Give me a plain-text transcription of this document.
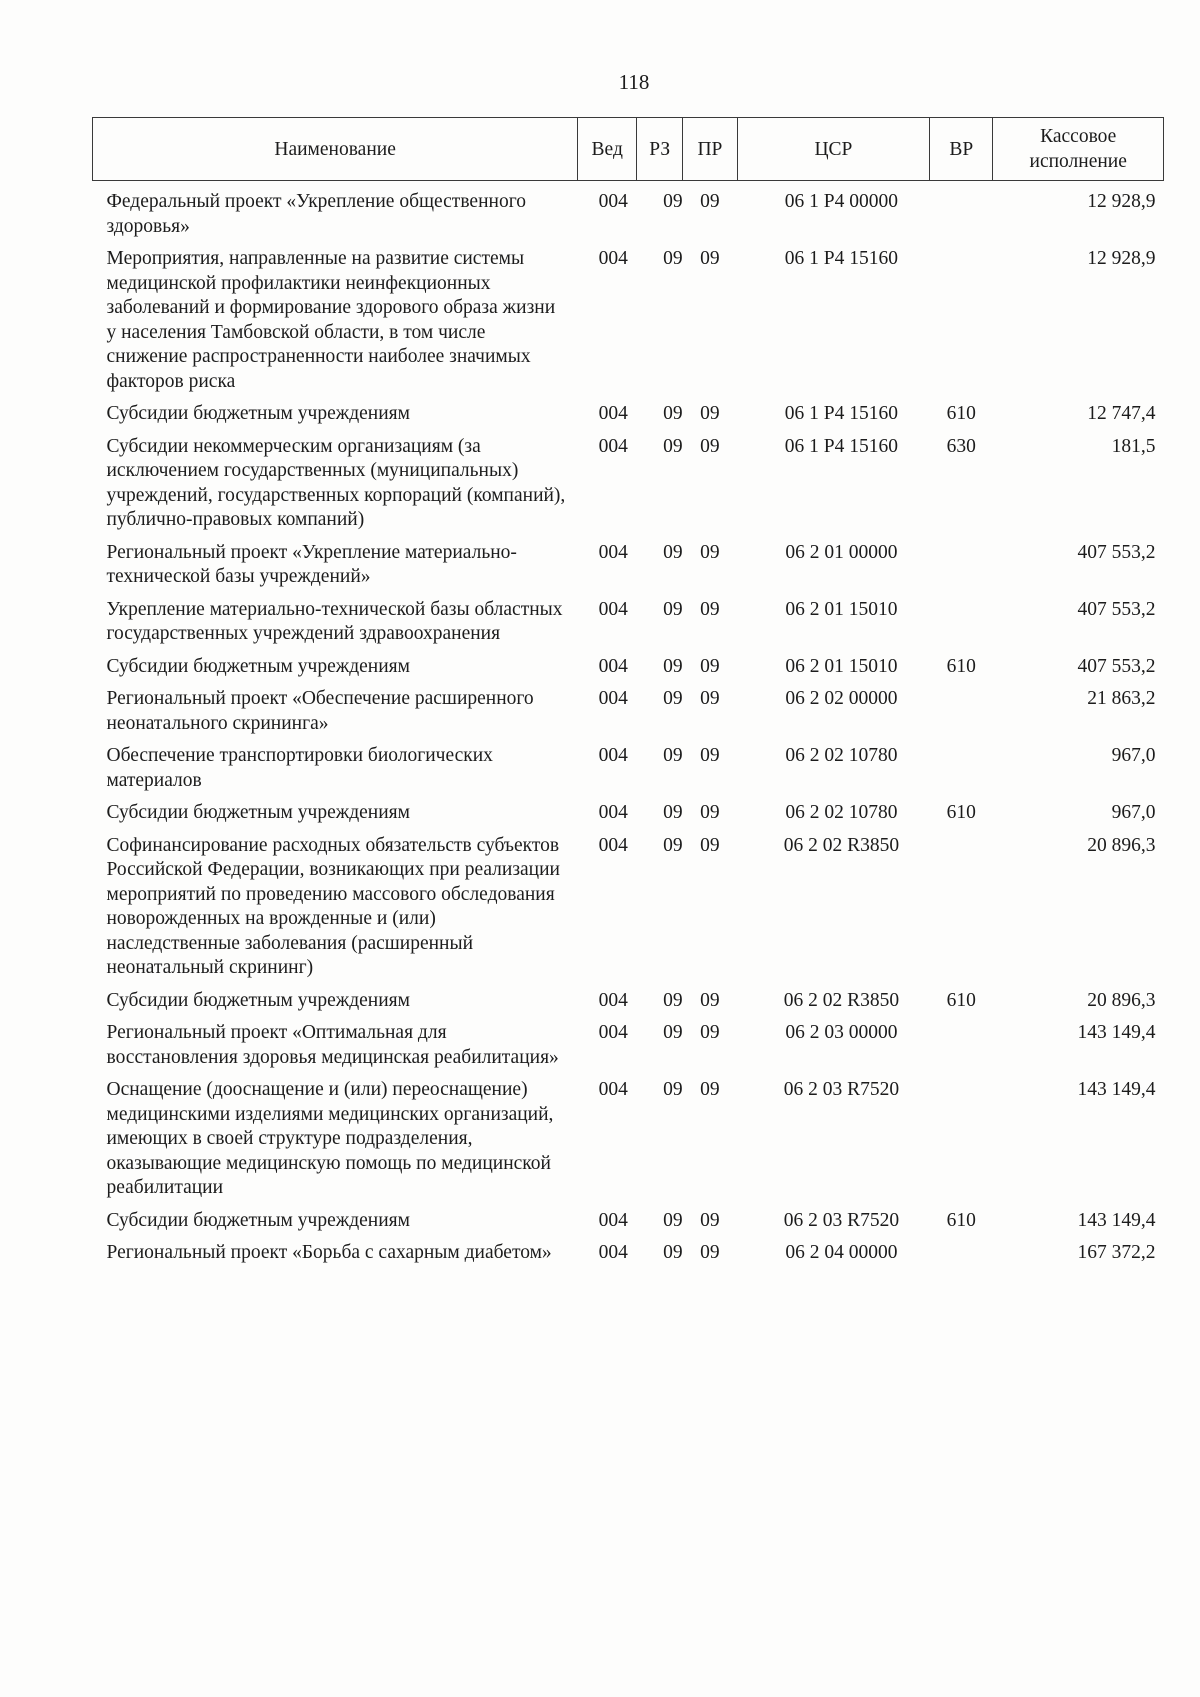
118
Наименование	Вед	РЗ	ПР	ЦСР	ВР	Кассовое исполнение
Федеральный проект «Укрепление общественного здоровья»	004	09	09	06 1 P4 00000		12 928,9
Мероприятия, направленные на развитие системы медицинской профилактики неинфекционных заболеваний и формирование здорового образа жизни у населения Тамбовской области, в том числе снижение распространенности наиболее значимых факторов риска	004	09	09	06 1 P4 15160		12 928,9
Субсидии бюджетным учреждениям	004	09	09	06 1 P4 15160	610	12 747,4
Субсидии некоммерческим организациям (за исключением государственных (муниципальных) учреждений, государственных корпораций (компаний), публично-правовых компаний)	004	09	09	06 1 P4 15160	630	181,5
Региональный проект «Укрепление материально-технической базы учреждений»	004	09	09	06 2 01 00000		407 553,2
Укрепление материально-технической базы областных государственных учреждений здравоохранения	004	09	09	06 2 01 15010		407 553,2
Субсидии бюджетным учреждениям	004	09	09	06 2 01 15010	610	407 553,2
Региональный проект «Обеспечение расширенного неонатального скрининга»	004	09	09	06 2 02 00000		21 863,2
Обеспечение транспортировки биологических материалов	004	09	09	06 2 02 10780		967,0
Субсидии бюджетным учреждениям	004	09	09	06 2 02 10780	610	967,0
Софинансирование расходных обязательств субъектов Российской Федерации, возникающих при реализации мероприятий по проведению массового обследования новорожденных на врожденные и (или) наследственные заболевания (расширенный неонатальный скрининг)	004	09	09	06 2 02 R3850		20 896,3
Субсидии бюджетным учреждениям	004	09	09	06 2 02 R3850	610	20 896,3
Региональный проект «Оптимальная для восстановления здоровья медицинская реабилитация»	004	09	09	06 2 03 00000		143 149,4
Оснащение (дооснащение и (или) переоснащение) медицинскими изделиями медицинских организаций, имеющих в своей структуре подразделения, оказывающие медицинскую помощь по медицинской реабилитации	004	09	09	06 2 03 R7520		143 149,4
Субсидии бюджетным учреждениям	004	09	09	06 2 03 R7520	610	143 149,4
Региональный проект «Борьба с сахарным диабетом»	004	09	09	06 2 04 00000		167 372,2
